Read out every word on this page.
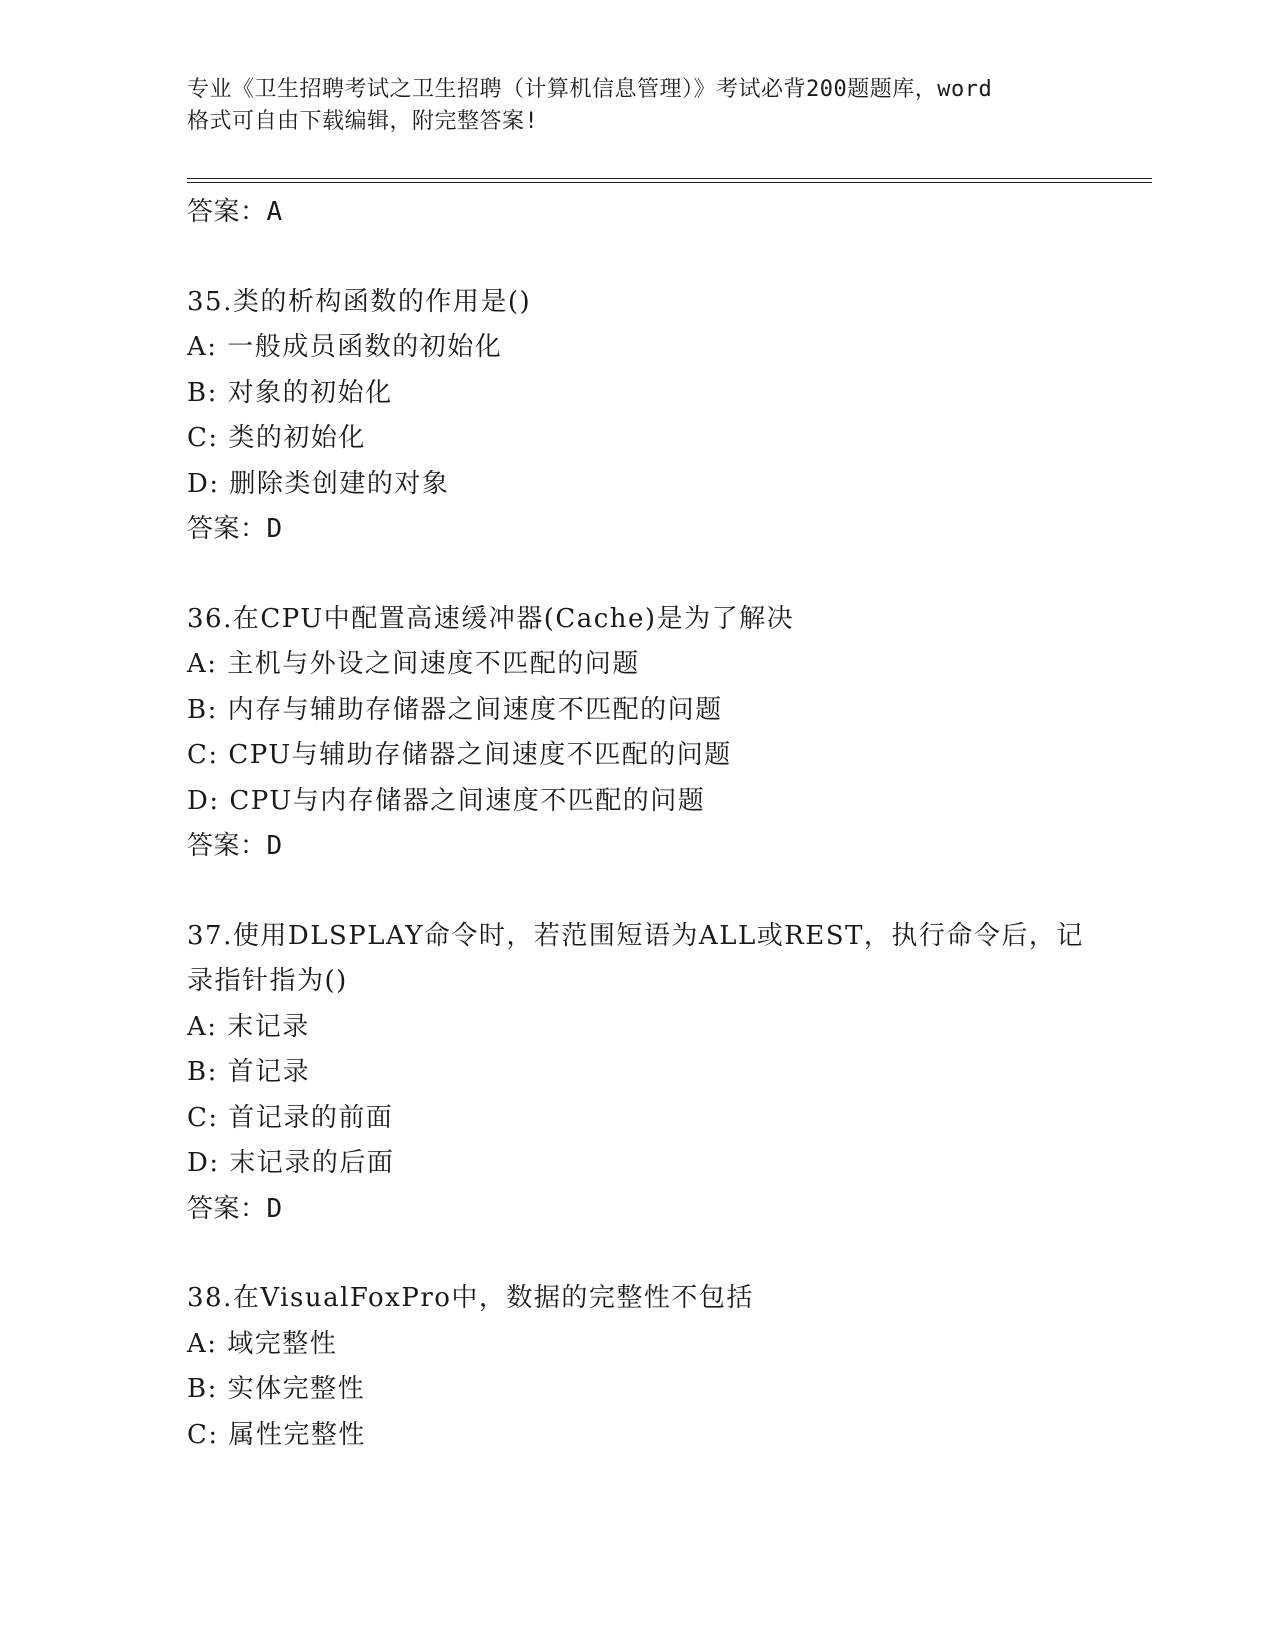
专业《卫生招聘考试之卫生招聘（计算机信息管理）》考试必背200题题库，word
格式可自由下载编辑，附完整答案!
答案：A
35.类的析构函数的作用是()
A: 一般成员函数的初始化
B: 对象的初始化
C: 类的初始化
D: 删除类创建的对象
答案：D
36.在CPU中配置高速缓冲器(Cache)是为了解决
A: 主机与外设之间速度不匹配的问题
B: 内存与辅助存储器之间速度不匹配的问题
C: CPU与辅助存储器之间速度不匹配的问题
D: CPU与内存储器之间速度不匹配的问题
答案：D
37.使用DLSPLAY命令时，若范围短语为ALL或REST，执行命令后，记
录指针指为()
A: 末记录
B: 首记录
C: 首记录的前面
D: 末记录的后面
答案：D
38.在VisualFoxPro中，数据的完整性不包括
A: 域完整性
B: 实体完整性
C: 属性完整性
